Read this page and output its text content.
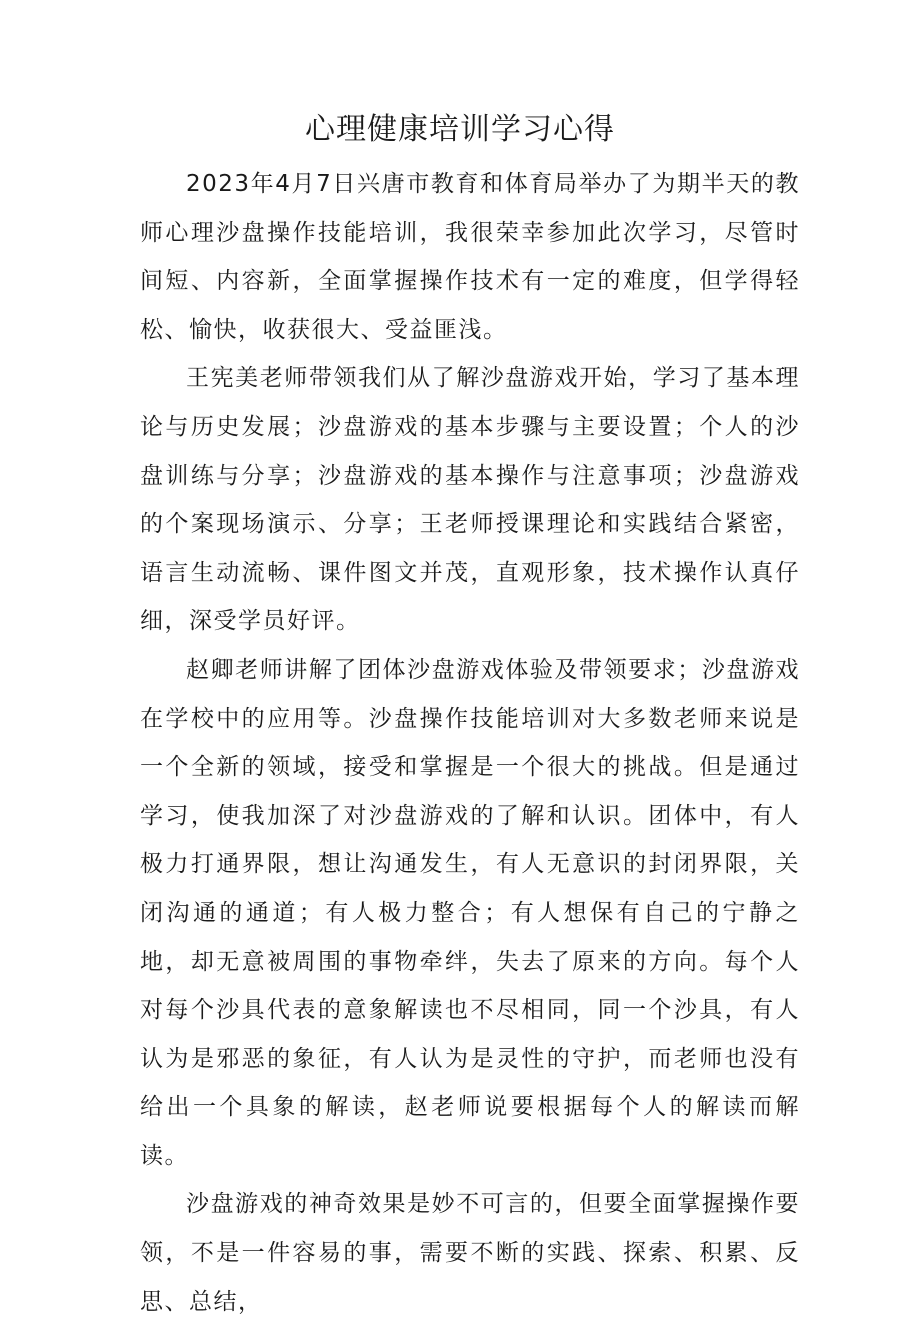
心理健康培训学习心得

2023年4月7日兴唐市教育和体育局举办了为期半天的教师心理沙盘操作技能培训，我很荣幸参加此次学习，尽管时间短、内容新，全面掌握操作技术有一定的难度，但学得轻松、愉快，收获很大、受益匪浅。

王宪美老师带领我们从了解沙盘游戏开始，学习了基本理论与历史发展；沙盘游戏的基本步骤与主要设置；个人的沙盘训练与分享；沙盘游戏的基本操作与注意事项；沙盘游戏的个案现场演示、分享；王老师授课理论和实践结合紧密，语言生动流畅、课件图文并茂，直观形象，技术操作认真仔细，深受学员好评。

赵卿老师讲解了团体沙盘游戏体验及带领要求；沙盘游戏在学校中的应用等。沙盘操作技能培训对大多数老师来说是一个全新的领域，接受和掌握是一个很大的挑战。但是通过学习，使我加深了对沙盘游戏的了解和认识。团体中，有人极力打通界限，想让沟通发生，有人无意识的封闭界限，关闭沟通的通道；有人极力整合；有人想保有自己的宁静之地，却无意被周围的事物牵绊，失去了原来的方向。每个人对每个沙具代表的意象解读也不尽相同，同一个沙具，有人认为是邪恶的象征，有人认为是灵性的守护，而老师也没有给出一个具象的解读，赵老师说要根据每个人的解读而解读。

沙盘游戏的神奇效果是妙不可言的，但要全面掌握操作要领，不是一件容易的事，需要不断的实践、探索、积累、反思、总结，
